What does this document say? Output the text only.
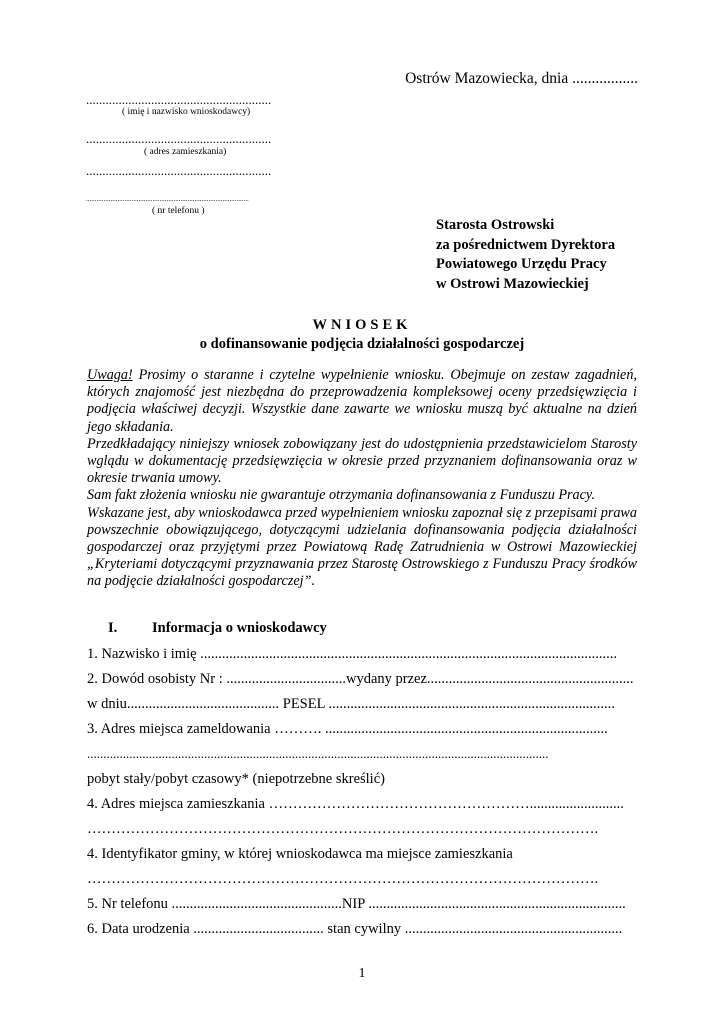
Ostrów Mazowiecka, dnia .................
.........................................................
( imię i nazwisko wnioskodawcy)
.........................................................
( adres zamieszkania)
.........................................................
.............................................................................................
( nr telefonu )
Starosta Ostrowski
za pośrednictwem Dyrektora
Powiatowego Urzędu Pracy
w Ostrowi Mazowieckiej
WNIOSEK
o dofinansowanie podjęcia działalności gospodarczej

Uwaga! Prosimy o staranne i czytelne wypełnienie wniosku. Obejmuje on zestaw zagadnień, których znajomość jest niezbędna do przeprowadzenia kompleksowej oceny przedsięwzięcia i podjęcia właściwej decyzji. Wszystkie dane zawarte we wniosku muszą być aktualne na dzień jego składania.

Przedkładający niniejszy wniosek zobowiązany jest do udostępnienia przedstawicielom Starosty wglądu w dokumentację przedsięwzięcia w okresie przed przyznaniem dofinansowania oraz w okresie trwania umowy.

Sam fakt złożenia wniosku nie gwarantuje otrzymania dofinansowania z Funduszu Pracy.

Wskazane jest, aby wnioskodawca przed wypełnieniem wniosku zapoznał się z przepisami prawa powszechnie obowiązującego, dotyczącymi udzielania dofinansowania podjęcia działalności gospodarczej oraz przyjętymi przez Powiatową Radę Zatrudnienia w Ostrowi Mazowieckiej „Kryteriami dotyczącymi przyznawania przez Starostę Ostrowskiego z Funduszu Pracy środków na podjęcie działalności gospodarczej”.

I. Informacja o wnioskodawcy
1. Nazwisko i imię ...................................................................................................................
2. Dowód osobisty Nr : .................................wydany przez.........................................................
w dniu.......................................... PESEL ...............................................................................
3. Adres miejsca zameldowania ………. ..............................................................................
..............................................................................................................................................
pobyt stały/pobyt czasowy* (niepotrzebne skreślić)
4. Adres miejsca zamieszkania ………………………………………………..........................
…………………………………………………………………………………………….
4. Identyfikator gminy, w której wnioskodawca ma miejsce zamieszkania
…………………………………………………………………………………………….
5. Nr telefonu ...............................................NIP .......................................................................
6. Data urodzenia .................................... stan cywilny ............................................................
1
